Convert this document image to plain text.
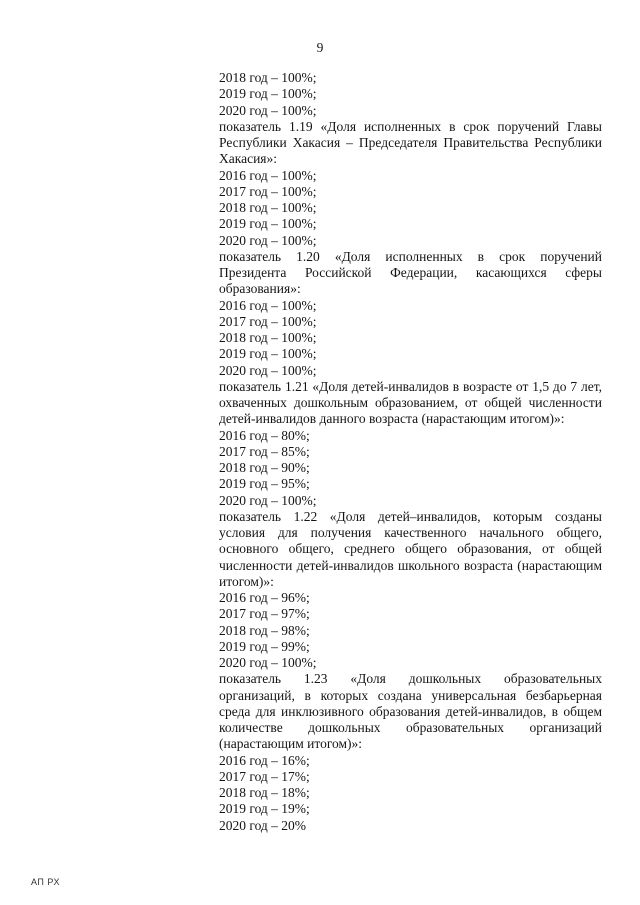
9
2018 год – 100%;
2019 год – 100%;
2020 год – 100%;
показатель 1.19 «Доля исполненных в срок поручений Главы Республики Хакасия – Председателя Правительства Республики Хакасия»:
2016 год – 100%;
2017 год – 100%;
2018 год – 100%;
2019 год – 100%;
2020 год – 100%;
показатель 1.20 «Доля исполненных в срок поручений Президента Российской Федерации, касающихся сферы образования»:
2016 год – 100%;
2017 год – 100%;
2018 год – 100%;
2019 год – 100%;
2020 год – 100%;
показатель 1.21 «Доля детей-инвалидов в возрасте от 1,5 до 7 лет, охваченных дошкольным образованием, от общей численности детей-инвалидов данного возраста (нарастающим итогом)»:
2016 год – 80%;
2017 год – 85%;
2018 год – 90%;
2019 год – 95%;
2020 год – 100%;
показатель 1.22 «Доля детей–инвалидов, которым созданы условия для получения качественного начального общего, основного общего, среднего общего образования, от общей численности детей-инвалидов школьного возраста (нарастающим итогом)»:
2016 год – 96%;
2017 год – 97%;
2018 год – 98%;
2019 год – 99%;
2020 год – 100%;
показатель 1.23 «Доля дошкольных образовательных организаций, в которых создана универсальная безбарьерная среда для инклюзивного образования детей-инвалидов, в общем количестве дошкольных образовательных организаций (нарастающим итогом)»:
2016 год – 16%;
2017 год – 17%;
2018 год – 18%;
2019 год – 19%;
2020 год – 20%
АП РХ
